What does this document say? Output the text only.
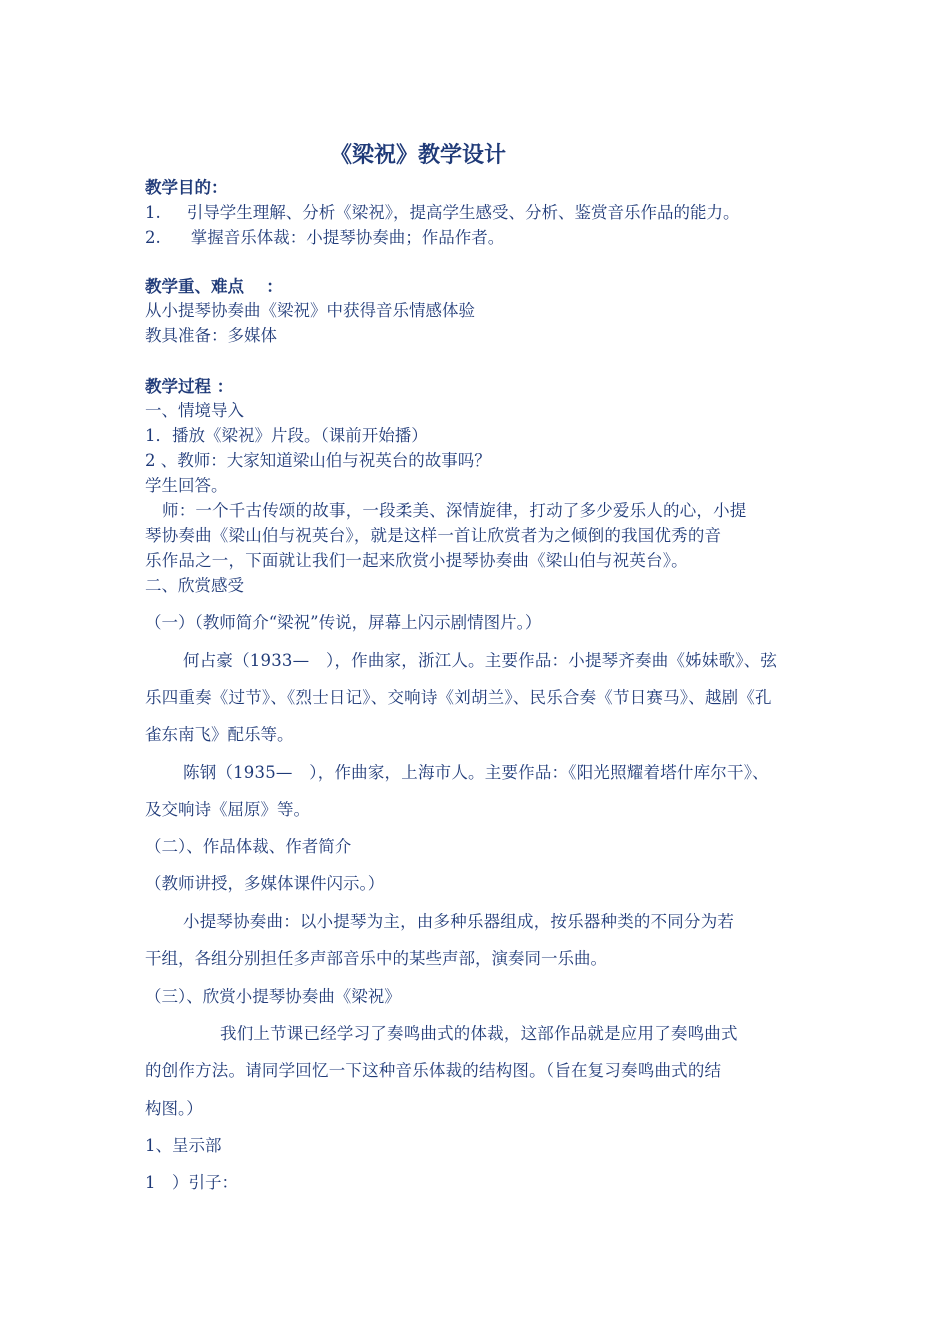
《梁祝》教学设计
教学目的：
1. 引导学生理解、分析《梁祝》，提高学生感受、分析、鉴赏音乐作品的能力。
2. 掌握音乐体裁：小提琴协奏曲；作品作者。
教学重、难点　 ：
从小提琴协奏曲《梁祝》中获得音乐情感体验
教具准备：多媒体
教学过程 ：
一、情境导入
1．播放《梁祝》片段。（课前开始播）
2 、教师：大家知道梁山伯与祝英台的故事吗？
学生回答。
师：一个千古传颂的故事，一段柔美、深情旋律，打动了多少爱乐人的心，小提
琴协奏曲《梁山伯与祝英台》，就是这样一首让欣赏者为之倾倒的我国优秀的音
乐作品之一，下面就让我们一起来欣赏小提琴协奏曲《梁山伯与祝英台》。
二、欣赏感受
（一）（教师简介“梁祝”传说，屏幕上闪示剧情图片。）
何占豪（1933—　），作曲家，浙江人。主要作品：小提琴齐奏曲《姊妹歌》、弦
乐四重奏《过节》、《烈士日记》、交响诗《刘胡兰》、民乐合奏《节日赛马》、越剧《孔
雀东南飞》配乐等。
陈钢（1935—　），作曲家，上海市人。主要作品：《阳光照耀着塔什库尔干》、
及交响诗《屈原》等。
（二）、作品体裁、作者简介
（教师讲授，多媒体课件闪示。）
小提琴协奏曲：以小提琴为主，由多种乐器组成，按乐器种类的不同分为若
干组，各组分别担任多声部音乐中的某些声部，演奏同一乐曲。
（三）、欣赏小提琴协奏曲《梁祝》
我们上节课已经学习了奏鸣曲式的体裁，这部作品就是应用了奏鸣曲式
的创作方法。请同学回忆一下这种音乐体裁的结构图。（旨在复习奏鸣曲式的结
构图。）
1、呈示部
1　）引子：
